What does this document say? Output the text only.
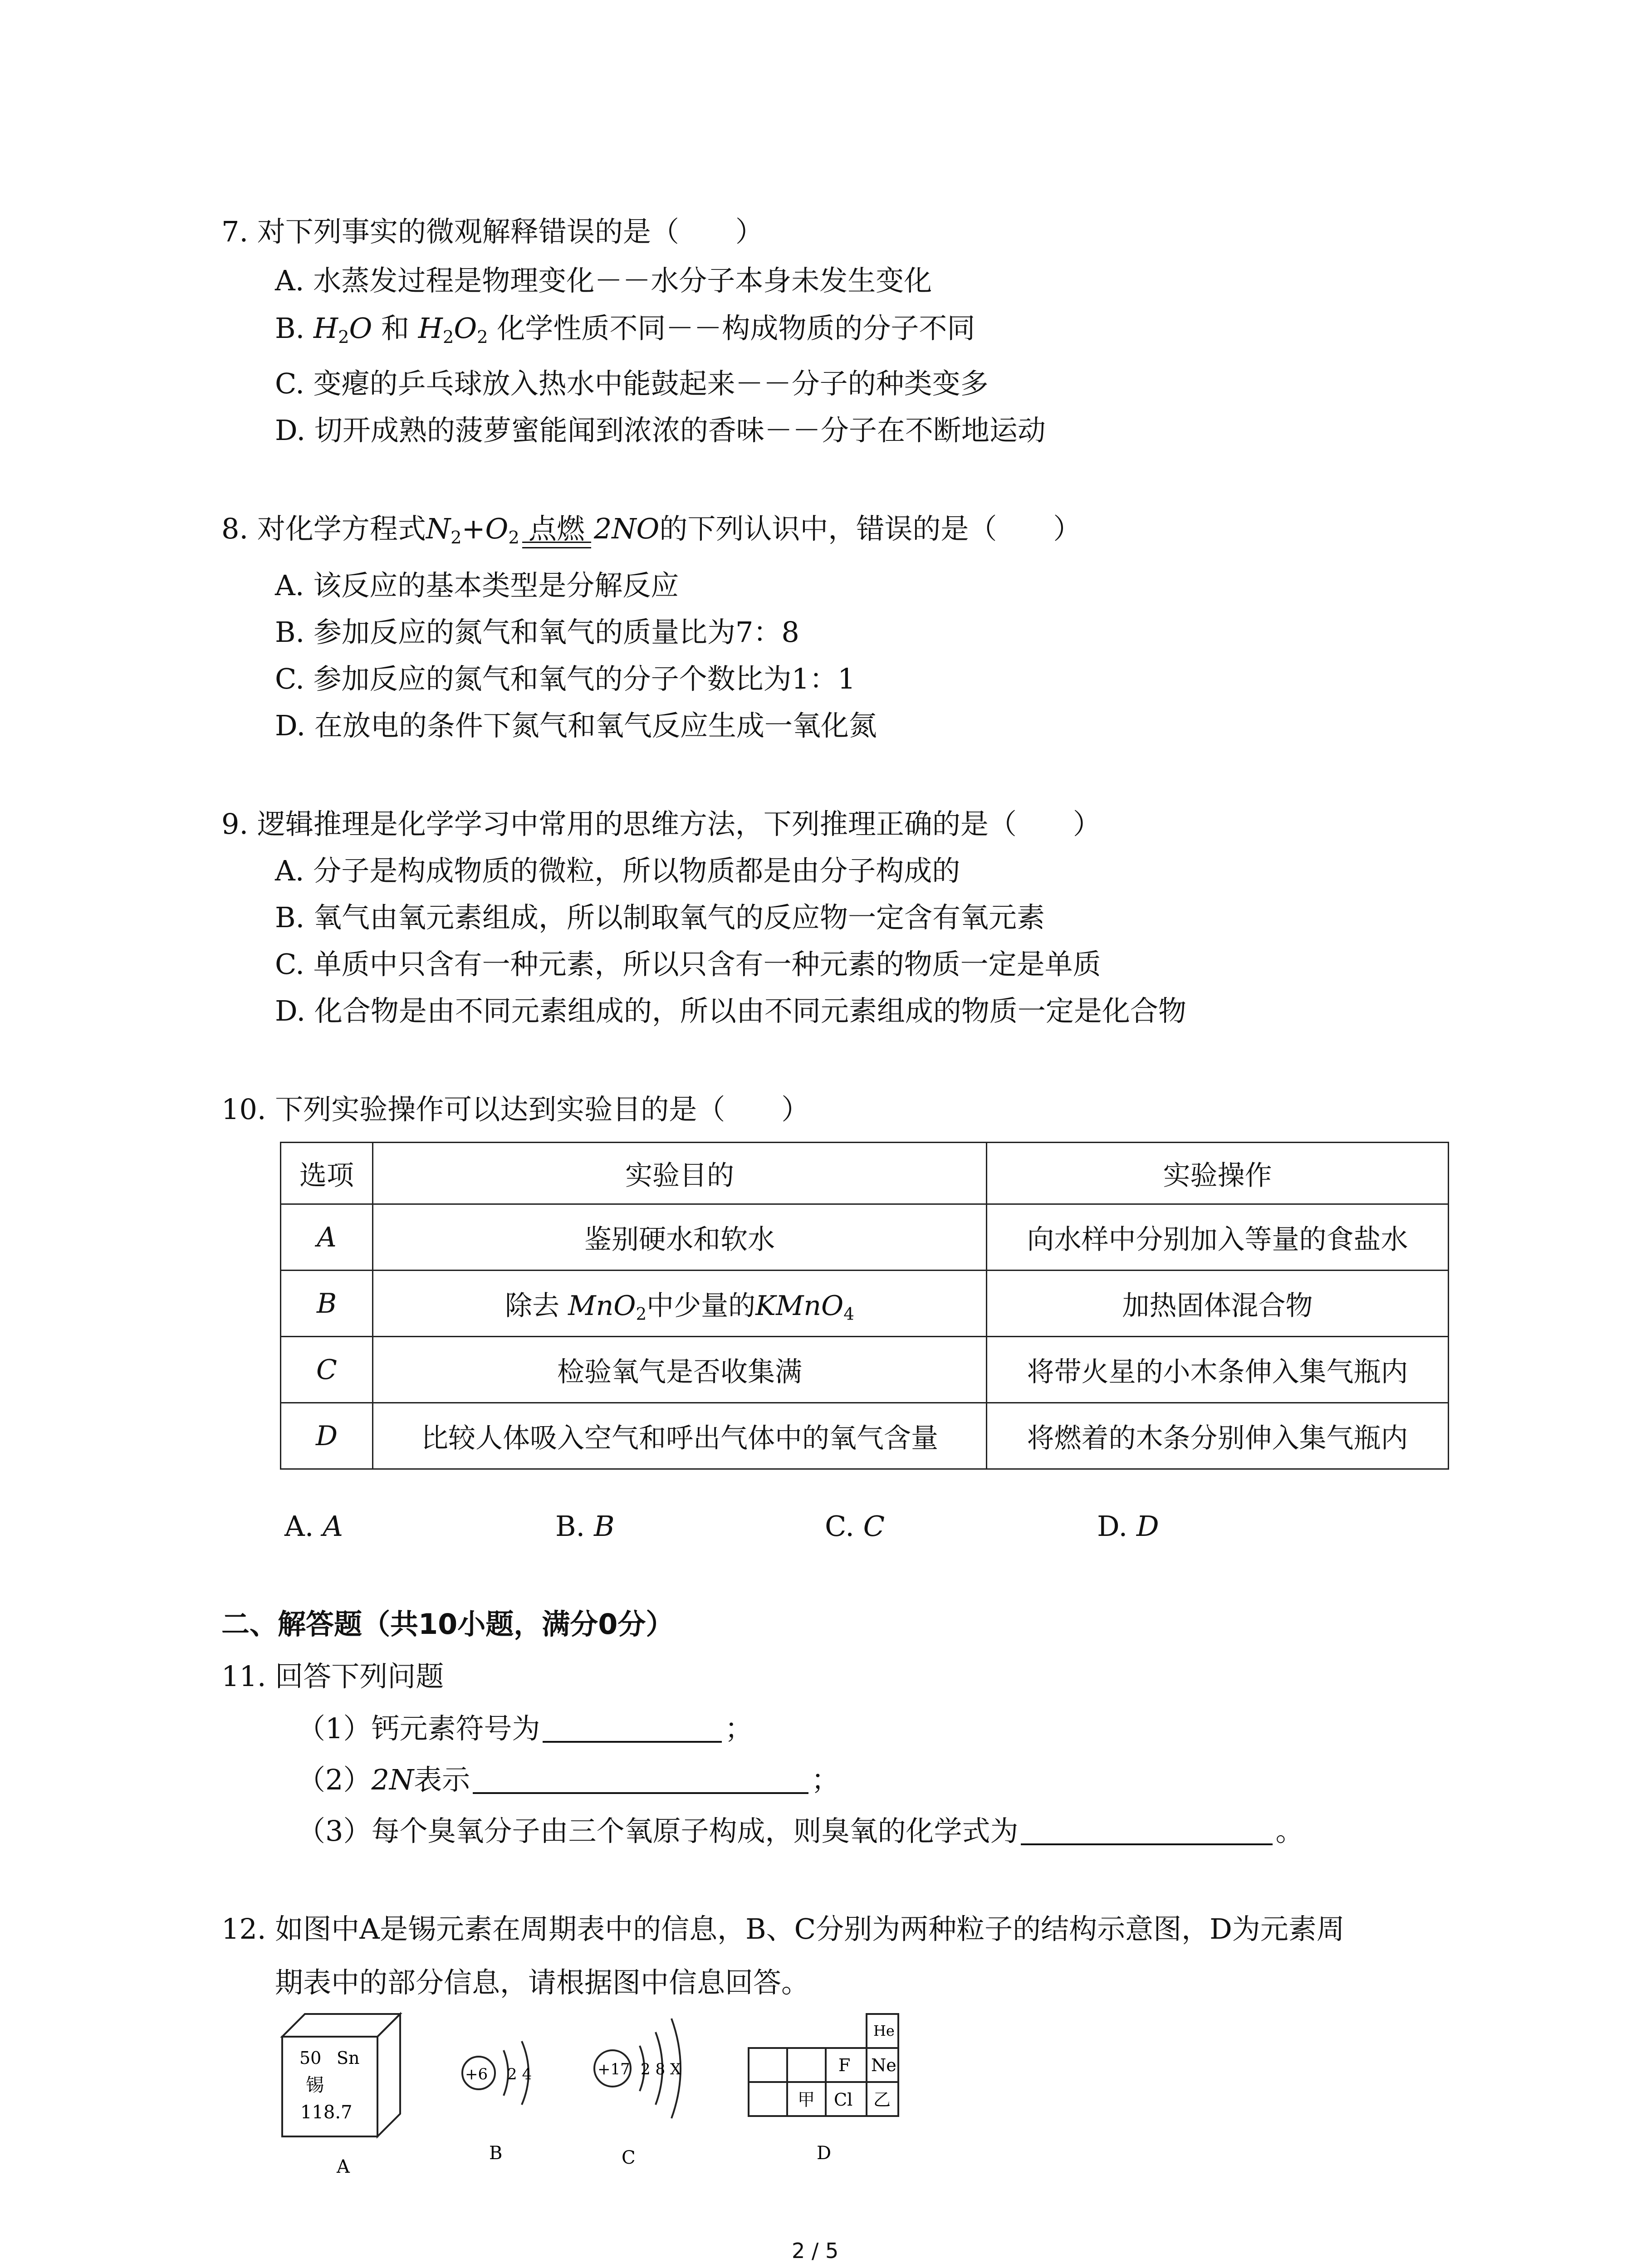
7. 对下列事实的微观解释错误的是（　　）
A. 水蒸发过程是物理变化－－水分子本身未发生变化
B. $H_2O$ 和 $H_2O_2$ 化学性质不同－－构成物质的分子不同
C. 变瘪的乒乓球放入热水中能鼓起来－－分子的种类变多
D. 切开成熟的菠萝蜜能闻到浓浓的香味－－分子在不断地运动
8. 对化学方程式$N_2+O_2$ 点燃 2NO的下列认识中，错误的是（　　）
A. 该反应的基本类型是分解反应
B. 参加反应的氮气和氧气的质量比为7：8
C. 参加反应的氮气和氧气的分子个数比为1：1
D. 在放电的条件下氮气和氧气反应生成一氧化氮
9. 逻辑推理是化学学习中常用的思维方法，下列推理正确的是（　　）
A. 分子是构成物质的微粒，所以物质都是由分子构成的
B. 氧气由氧元素组成，所以制取氧气的反应物一定含有氧元素
C. 单质中只含有一种元素，所以只含有一种元素的物质一定是单质
D. 化合物是由不同元素组成的，所以由不同元素组成的物质一定是化合物
10. 下列实验操作可以达到实验目的是（　　）
选项	实验目的	实验操作
A	鉴别硬水和软水	向水样中分别加入等量的食盐水
B	除去 MnO$_2$中少量的KMnO$_4$	加热固体混合物
C	检验氧气是否收集满	将带火星的小木条伸入集气瓶内
D	比较人体吸入空气和呼出气体中的氧气含量	将燃着的木条分别伸入集气瓶内
A. A	B. B	C. C	D. D
二、解答题（共10小题，满分0分）
11. 回答下列问题
（1）钙元素符号为	；
（2）2N表示	；
（3）每个臭氧分子由三个氧原子构成，则臭氧的化学式为	。
12. 如图中A是锡元素在周期表中的信息，B、C分别为两种粒子的结构示意图，D为元素周
期表中的部分信息，请根据图中信息回答。
50 Sn
锡
118.7
A
+6 2 4
B
+17 2 8 X
C
He
F Ne
甲 Cl 乙
D
2 / 5
